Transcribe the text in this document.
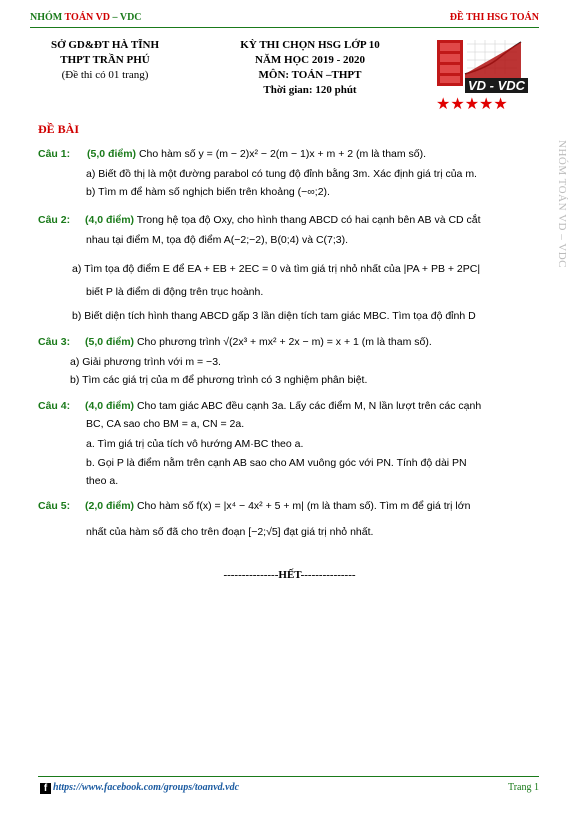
NHÓM TOÁN VD – VDC	ĐỀ THI HSG TOÁN
SỞ GD&ĐT HÀ TĨNH
THPT TRẦN PHÚ
(Đề thi có 01 trang)
KỲ THI CHỌN HSG LỚP 10
NĂM HỌC 2019 - 2020
MÔN: TOÁN –THPT
Thời gian: 120 phút	VD - VDC
★★★★★
NHÓM TOÁN VD – VDC
ĐỀ BÀI
Câu 1: (5,0 điểm) Cho hàm số y = (m − 2)x² − 2(m − 1)x + m + 2 (m là tham số).
a) Biết đồ thị là một đường parabol có tung độ đỉnh bằng 3m. Xác định giá trị của m.
b) Tìm m để hàm số nghịch biến trên khoảng (−∞;2).
Câu 2: (4,0 điểm) Trong hệ tọa độ Oxy, cho hình thang ABCD có hai cạnh bên AB và CD cắt
nhau tại điểm M, tọa độ điểm A(−2;−2), B(0;4) và C(7;3).
a) Tìm tọa độ điểm E để EA + EB + 2EC = 0 và tìm giá trị nhỏ nhất của |PA + PB + 2PC|
biết P là điểm di động trên trục hoành.
b) Biết diện tích hình thang ABCD gấp 3 lần diện tích tam giác MBC. Tìm tọa độ đỉnh D
Câu 3: (5,0 điểm) Cho phương trình √(2x³ + mx² + 2x − m) = x + 1 (m là tham số).
a) Giải phương trình với m = −3.
b) Tìm các giá trị của m để phương trình có 3 nghiệm phân biệt.
Câu 4: (4,0 điểm) Cho tam giác ABC đều cạnh 3a. Lấy các điểm M, N lần lượt trên các cạnh
BC, CA sao cho BM = a, CN = 2a.
a. Tìm giá trị của tích vô hướng AM·BC theo a.
b. Gọi P là điểm nằm trên cạnh AB sao cho AM vuông góc với PN. Tính độ dài PN
theo a.
Câu 5: (2,0 điểm) Cho hàm số f(x) = |x⁴ − 4x² + 5 + m| (m là tham số). Tìm m để giá trị lớn
nhất của hàm số đã cho trên đoạn [−2;√5] đạt giá trị nhỏ nhất.
---------------HẾT---------------
f https://www.facebook.com/groups/toanvd.vdc	Trang 1
